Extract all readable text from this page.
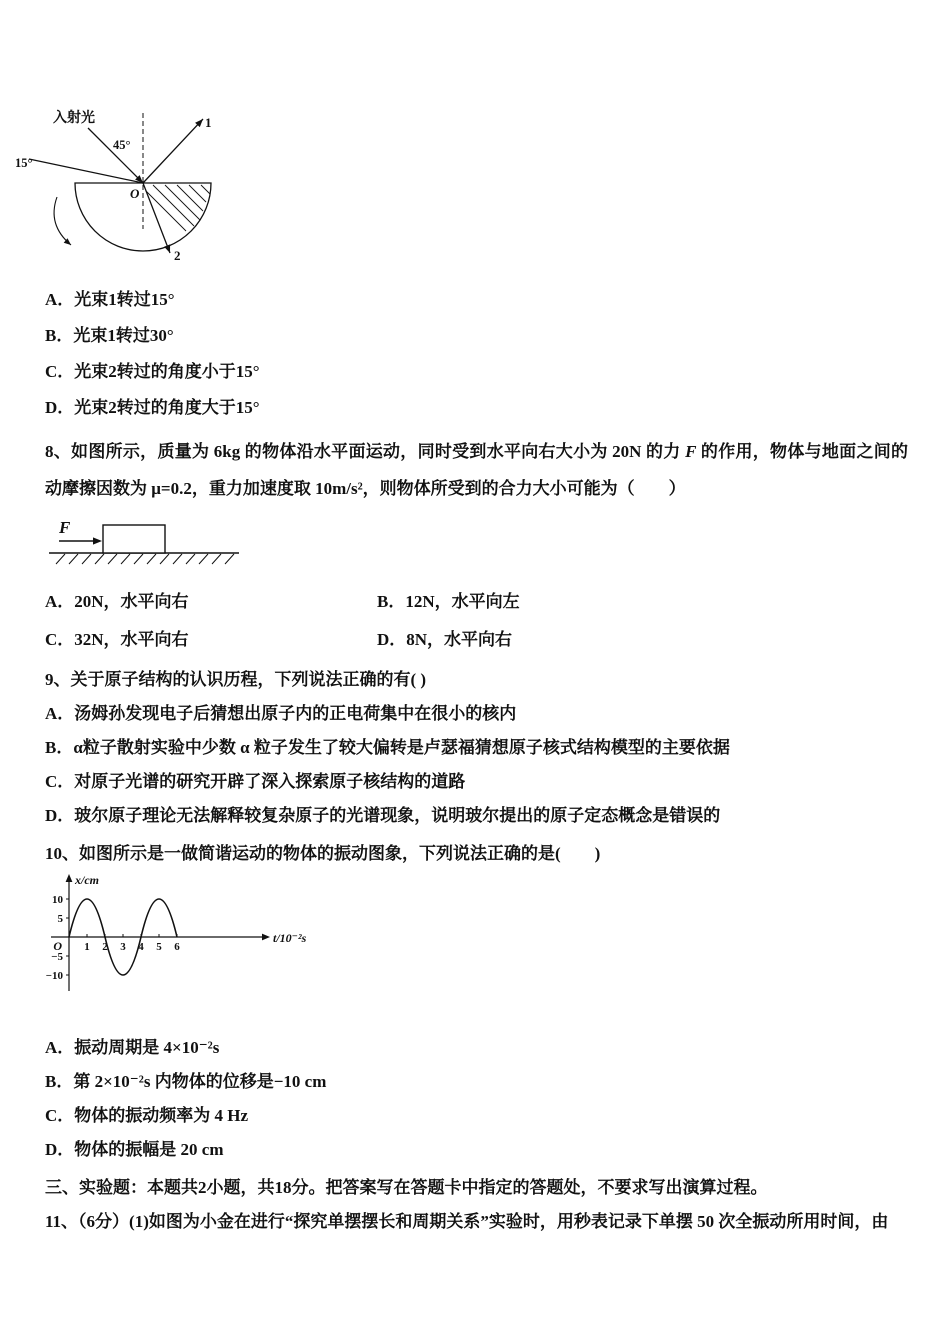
入射光
45°
15°
1
O
2
A．光束1转过15°
B．光束1转过30°
C．光束2转过的角度小于15°
D．光束2转过的角度大于15°

8、如图所示，质量为 6kg 的物体沿水平面运动，同时受到水平向右大小为 20N 的力 F 的作用，物体与地面之间的动摩擦因数为 μ=0.2，重力加速度取 10m/s²，则物体所受到的合力大小可能为（　　）

F
A．20N，水平向右	B．12N，水平向左
C．32N，水平向右	D．8N，水平向右
9、关于原子结构的认识历程，下列说法正确的有( )
A．汤姆孙发现电子后猜想出原子内的正电荷集中在很小的核内
B．α粒子散射实验中少数 α 粒子发生了较大偏转是卢瑟福猜想原子核式结构模型的主要依据
C．对原子光谱的研究开辟了深入探索原子核结构的道路
D．玻尔原子理论无法解释较复杂原子的光谱现象，说明玻尔提出的原子定态概念是错误的
10、如图所示是一做简谐运动的物体的振动图象，下列说法正确的是(　　)
x/cm
t/10⁻²s
O
10
5
−5
−10
1 2 3 4 5 6
A．振动周期是 4×10⁻²s
B．第 2×10⁻²s 内物体的位移是−10 cm
C．物体的振动频率为 4 Hz
D．物体的振幅是 20 cm
三、实验题：本题共2小题，共18分。把答案写在答题卡中指定的答题处，不要求写出演算过程。
11、（6分）(1)如图为小金在进行“探究单摆摆长和周期关系”实验时，用秒表记录下单摆 50 次全振动所用时间，由
